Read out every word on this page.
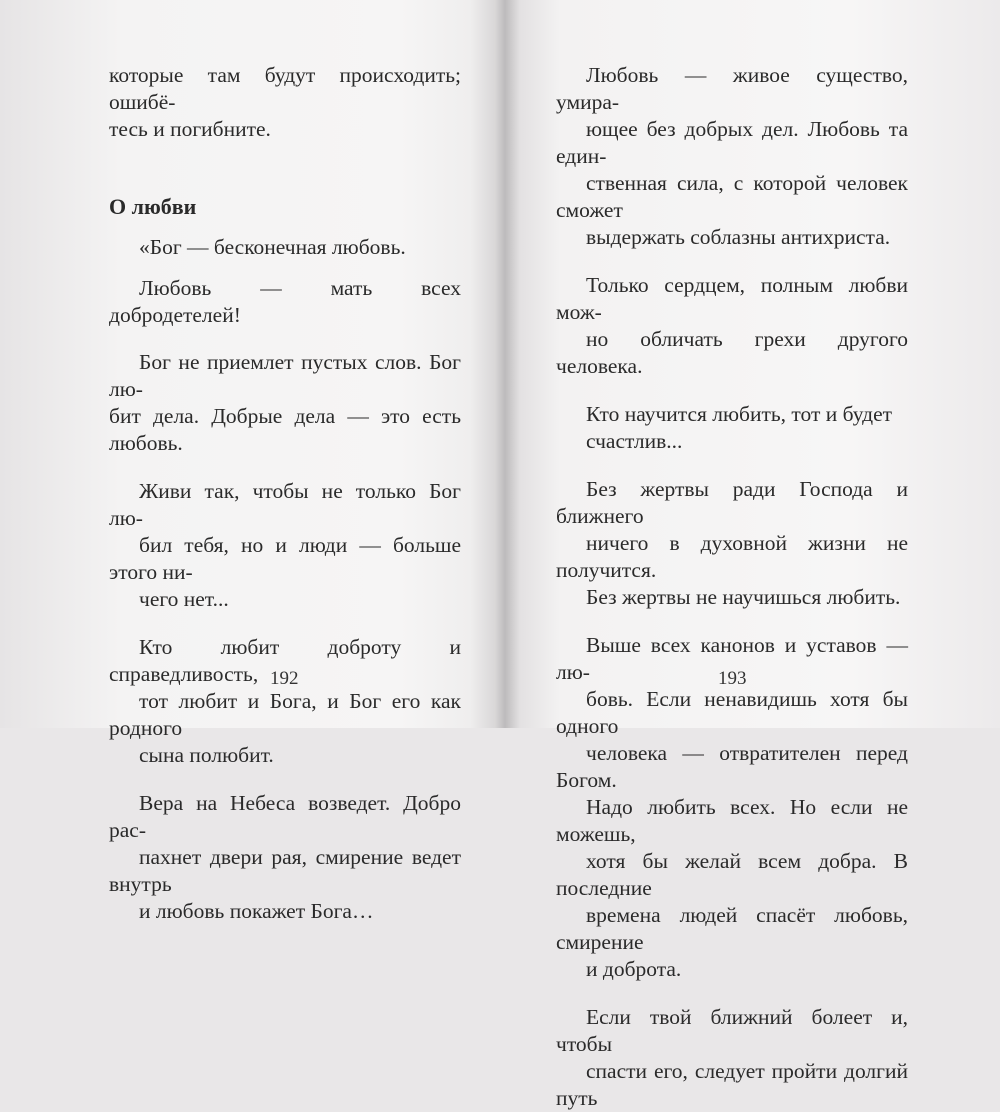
которые там будут происходить; ошибё-
тесь и погибните.

О любви

«Бог — бесконечная любовь.

Любовь — мать всех добродетелей!

Бог не приемлет пустых слов. Бог лю-
бит дела. Добрые дела — это есть любовь.

Живи так, чтобы не только Бог лю-
бил тебя, но и люди — больше этого ни-
чего нет...

Кто любит доброту и справедливость,
тот любит и Бога, и Бог его как родного
сына полюбит.

Вера на Небеса возведет. Добро рас-
пахнет двери рая, смирение ведет внутрь
и любовь покажет Бога…

192

Любовь — живое существо, умира-
ющее без добрых дел. Любовь та един-
ственная сила, с которой человек сможет
выдержать соблазны антихриста.

Только сердцем, полным любви мож-
но обличать грехи другого человека.

Кто научится любить, тот и будет
счастлив...

Без жертвы ради Господа и ближнего
ничего в духовной жизни не получится.
Без жертвы не научишься любить.

Выше всех канонов и уставов — лю-
бовь. Если ненавидишь хотя бы одного
человека — отвратителен перед Богом.
Надо любить всех. Но если не можешь,
хотя бы желай всем добра. В последние
времена людей спасёт любовь, смирение
и доброта.

Если твой ближний болеет и, чтобы
спасти его, следует пройти долгий путь

193
